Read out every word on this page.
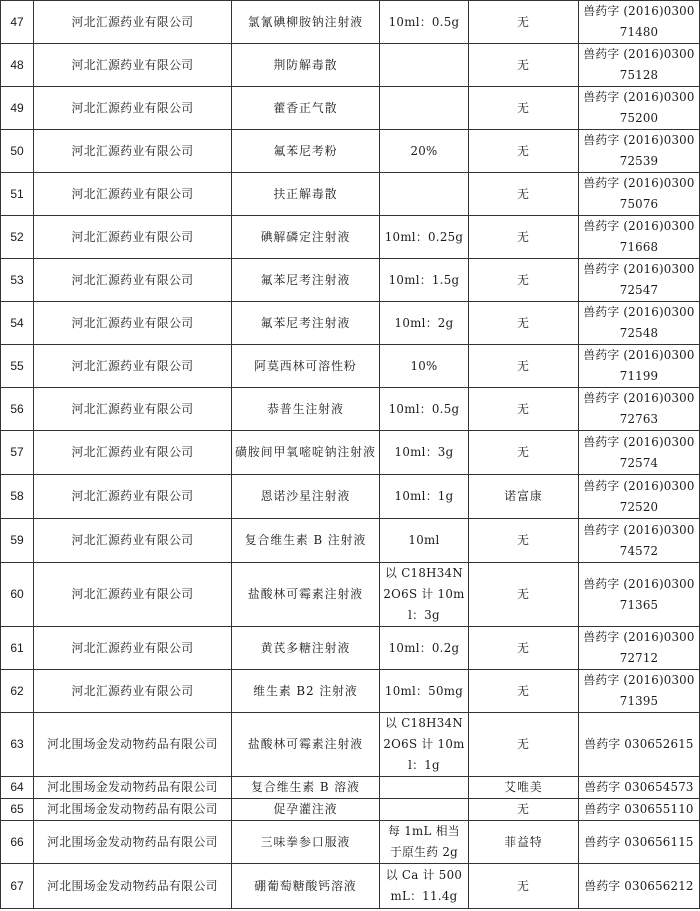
47	河北汇源药业有限公司	氯氰碘柳胺钠注射液	10ml：0.5g	无	兽药字 (2016)030071480
48	河北汇源药业有限公司	荆防解毒散		无	兽药字 (2016)030075128
49	河北汇源药业有限公司	藿香正气散		无	兽药字 (2016)030075200
50	河北汇源药业有限公司	氟苯尼考粉	20%	无	兽药字 (2016)030072539
51	河北汇源药业有限公司	扶正解毒散		无	兽药字 (2016)030075076
52	河北汇源药业有限公司	碘解磷定注射液	10ml：0.25g	无	兽药字 (2016)030071668
53	河北汇源药业有限公司	氟苯尼考注射液	10ml：1.5g	无	兽药字 (2016)030072547
54	河北汇源药业有限公司	氟苯尼考注射液	10ml：2g	无	兽药字 (2016)030072548
55	河北汇源药业有限公司	阿莫西林可溶性粉	10%	无	兽药字 (2016)030071199
56	河北汇源药业有限公司	恭普生注射液	10ml：0.5g	无	兽药字 (2016)030072763
57	河北汇源药业有限公司	磺胺间甲氧嘧啶钠注射液	10ml：3g	无	兽药字 (2016)030072574
58	河北汇源药业有限公司	恩诺沙星注射液	10ml：1g	诺富康	兽药字 (2016)030072520
59	河北汇源药业有限公司	复合维生素 B 注射液	10ml	无	兽药字 (2016)030074572
60	河北汇源药业有限公司	盐酸林可霉素注射液	以 C18H34N2O6S 计 10ml：3g	无	兽药字 (2016)030071365
61	河北汇源药业有限公司	黄芪多糖注射液	10ml：0.2g	无	兽药字 (2016)030072712
62	河北汇源药业有限公司	维生素 B2 注射液	10ml：50mg	无	兽药字 (2016)030071395
63	河北围场金发动物药品有限公司	盐酸林可霉素注射液	以 C18H34N2O6S 计 10ml：1g	无	兽药字 030652615
64	河北围场金发动物药品有限公司	复合维生素 B 溶液		艾唯美	兽药字 030654573
65	河北围场金发动物药品有限公司	促孕灌注液		无	兽药字 030655110
66	河北围场金发动物药品有限公司	三味拳参口服液	每 1mL 相当于原生药 2g	菲益特	兽药字 030656115
67	河北围场金发动物药品有限公司	硼葡萄糖酸钙溶液	以 Ca 计 500mL：11.4g	无	兽药字 030656212
